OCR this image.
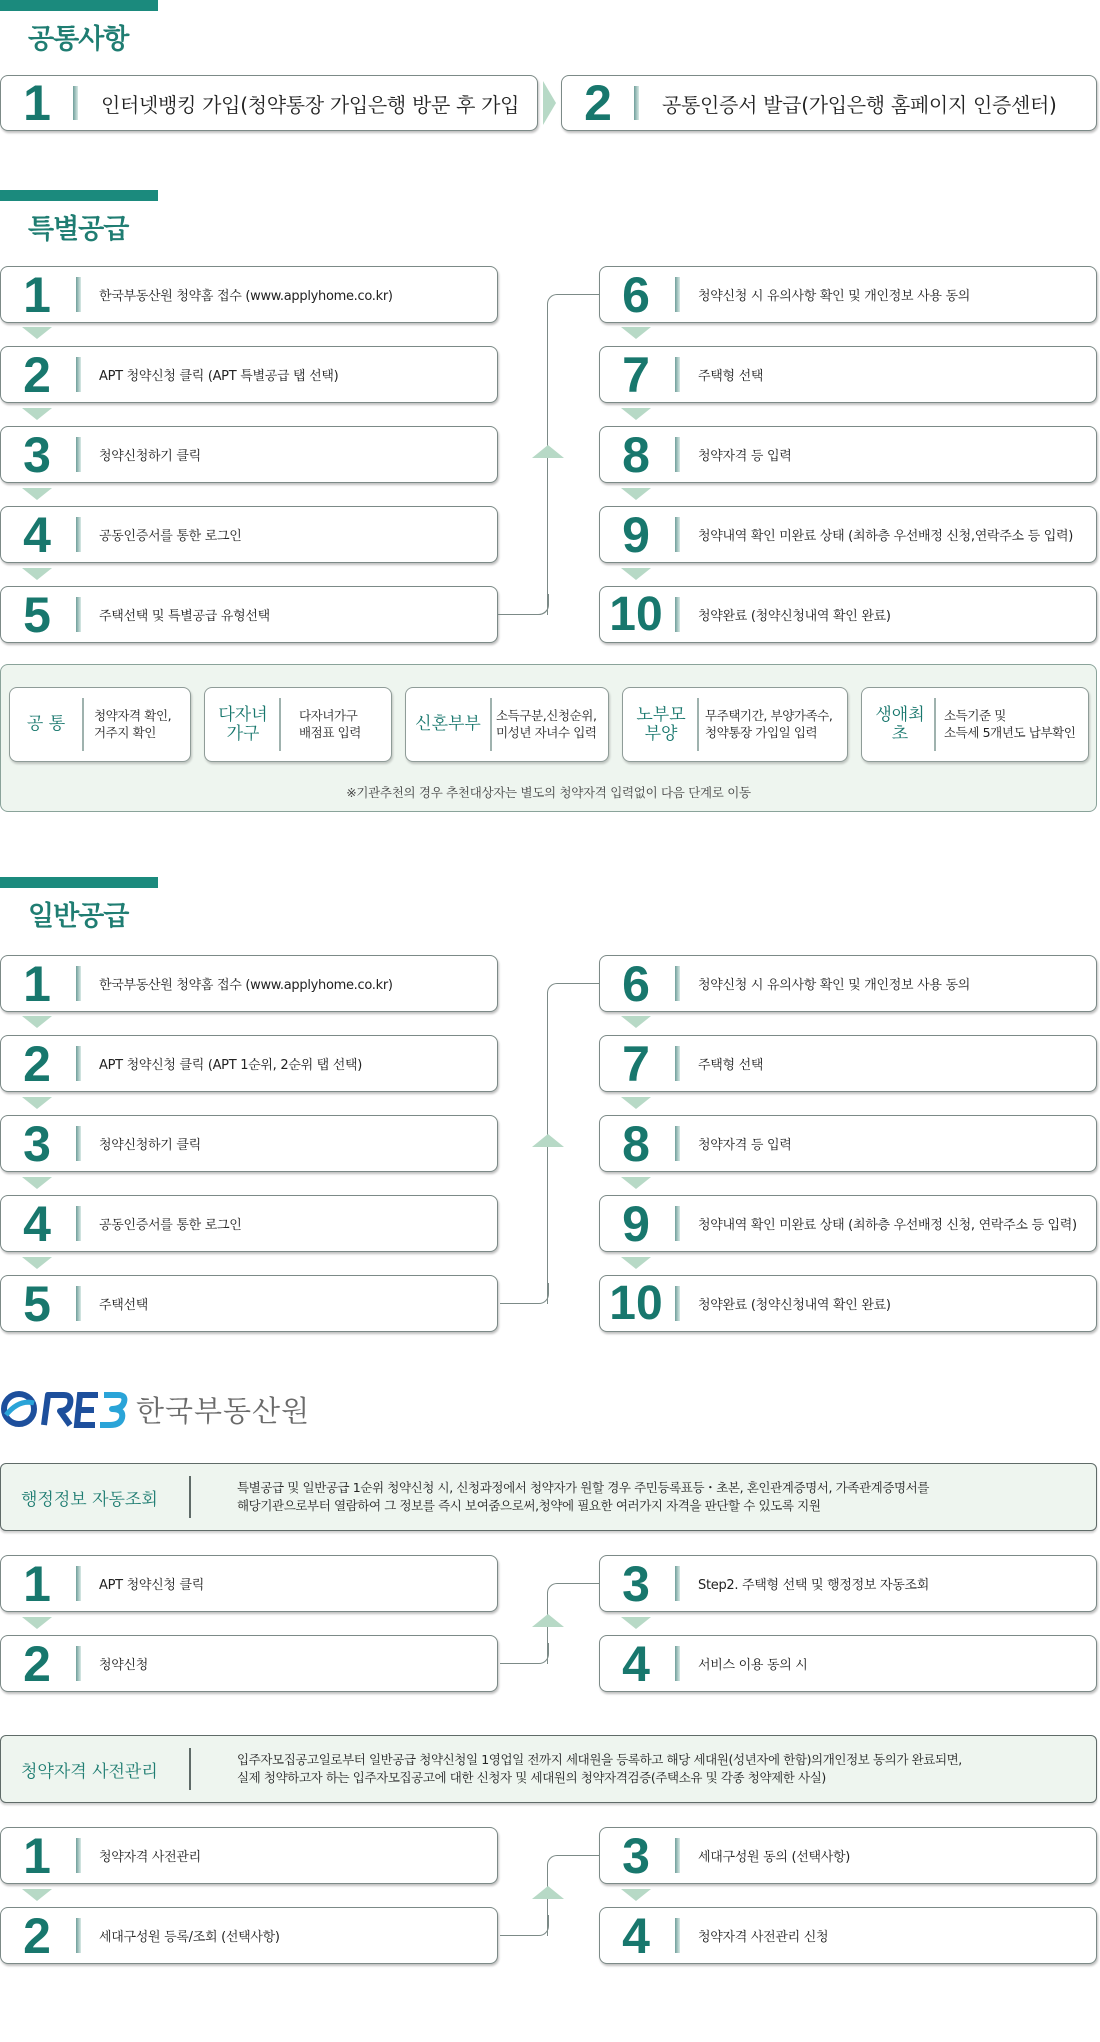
공통사항
1	인터넷뱅킹 가입(청약통장 가입은행 방문 후 가입	2	공통인증서 발급(가입은행 홈페이지 인증센터)
특별공급
1	한국부동산원 청약홈 접수 (www.applyhome.co.kr)
2	APT 청약신청 클릭 (APT 특별공급 탭 선택)
3	청약신청하기 클릭
4	공동인증서를 통한 로그인
5	주택선택 및 특별공급 유형선택
6	청약신청 시 유의사항 확인 및 개인정보 사용 동의
7	주택형 선택
8	청약자격 등 입력
9	청약내역 확인 미완료 상태 (최하층 우선배정 신청,연락주소 등 입력)
10	청약완료 (청약신청내역 확인 완료)
공 통	청약자격 확인,
거주지 확인
다자녀
가구
다자녀가구
배점표 입력	신혼부부 소득구분,신청순위,
미성년 자녀수 입력
노부모
부양
무주택기간, 부양가족수,
청약통장 가입일 입력
생애최초
소득기준 및
소득세 5개년도 납부확인
※기관추천의 경우 추천대상자는 별도의 청약자격 입력없이 다음 단계로 이동
일반공급
1	한국부동산원 청약홈 접수 (www.applyhome.co.kr)
2	APT 청약신청 클릭 (APT 1순위, 2순위 탭 선택)
3	청약신청하기 클릭
4	공동인증서를 통한 로그인
5	주택선택
6	청약신청 시 유의사항 확인 및 개인정보 사용 동의
7	주택형 선택
8	청약자격 등 입력
9	청약내역 확인 미완료 상태 (최하층 우선배정 신청, 연락주소 등 입력)
10	청약완료 (청약신청내역 확인 완료)
한국부동산원
행정정보 자동조회
특별공급 및 일반공급 1순위 청약신청 시, 신청과정에서 청약자가 원할 경우 주민등록표등・초본, 혼인관계증명서, 가족관계증명서를
해당기관으로부터 열람하여 그 정보를 즉시 보여줌으로써,청약에 필요한 여러가지 자격을 판단할 수 있도록 지원
1	APT 청약신청 클릭
2	청약신청
3	Step2. 주택형 선택 및 행정정보 자동조회
4	서비스 이용 동의 시
청약자격 사전관리
입주자모집공고일로부터 일반공급 청약신청일 1영업일 전까지 세대원을 등록하고 해당 세대원(성년자에 한함)의개인정보 동의가 완료되면,
실제 청약하고자 하는 입주자모집공고에 대한 신청자 및 세대원의 청약자격검증(주택소유 및 각종 청약제한 사실)
1	청약자격 사전관리
2	세대구성원 등록/조회 (선택사항)
3	세대구성원 동의 (선택사항)
4	청약자격 사전관리 신청
